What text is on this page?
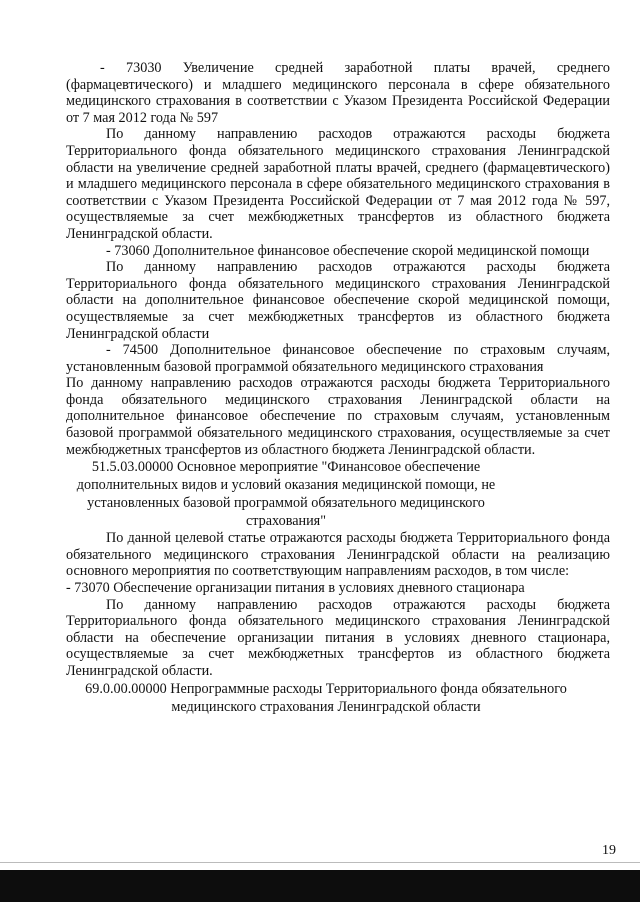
- 73030 Увеличение средней заработной платы врачей, среднего (фармацевтического) и младшего медицинского персонала в сфере обязательного медицинского страхования в соответствии с Указом Президента Российской Федерации от 7 мая 2012 года № 597

По данному направлению расходов отражаются расходы бюджета Территориального фонда обязательного медицинского страхования Ленинградской области на увеличение средней заработной платы врачей, среднего (фармацевтического) и младшего медицинского персонала в сфере обязательного медицинского страхования в соответствии с Указом Президента Российской Федерации от 7 мая 2012 года № 597, осуществляемые за счет межбюджетных трансфертов из областного бюджета Ленинградской области.

- 73060 Дополнительное финансовое обеспечение скорой медицинской помощи

По данному направлению расходов отражаются расходы бюджета Территориального фонда обязательного медицинского страхования Ленинградской области на дополнительное финансовое обеспечение скорой медицинской помощи, осуществляемые за счет межбюджетных трансфертов из областного бюджета Ленинградской области

- 74500 Дополнительное финансовое обеспечение по страховым случаям, установленным базовой программой обязательного медицинского страхования

По данному направлению расходов отражаются расходы бюджета Территориального фонда обязательного медицинского страхования Ленинградской области на дополнительное финансовое обеспечение по страховым случаям, установленным базовой программой обязательного медицинского страхования, осуществляемые за счет межбюджетных трансфертов из областного бюджета Ленинградской области.

51.5.03.00000 Основное мероприятие "Финансовое обеспечение дополнительных видов и условий оказания медицинской помощи, не установленных базовой программой обязательного медицинского страхования"

По данной целевой статье отражаются расходы бюджета Территориального фонда обязательного медицинского страхования Ленинградской области на реализацию основного мероприятия по соответствующим направлениям расходов, в том числе:

- 73070 Обеспечение организации питания в условиях дневного стационара

По данному направлению расходов отражаются расходы бюджета Территориального фонда обязательного медицинского страхования Ленинградской области на обеспечение организации питания в условиях дневного стационара, осуществляемые за счет межбюджетных трансфертов из областного бюджета Ленинградской области.

69.0.00.00000 Непрограммные расходы Территориального фонда обязательного медицинского страхования Ленинградской области

19
